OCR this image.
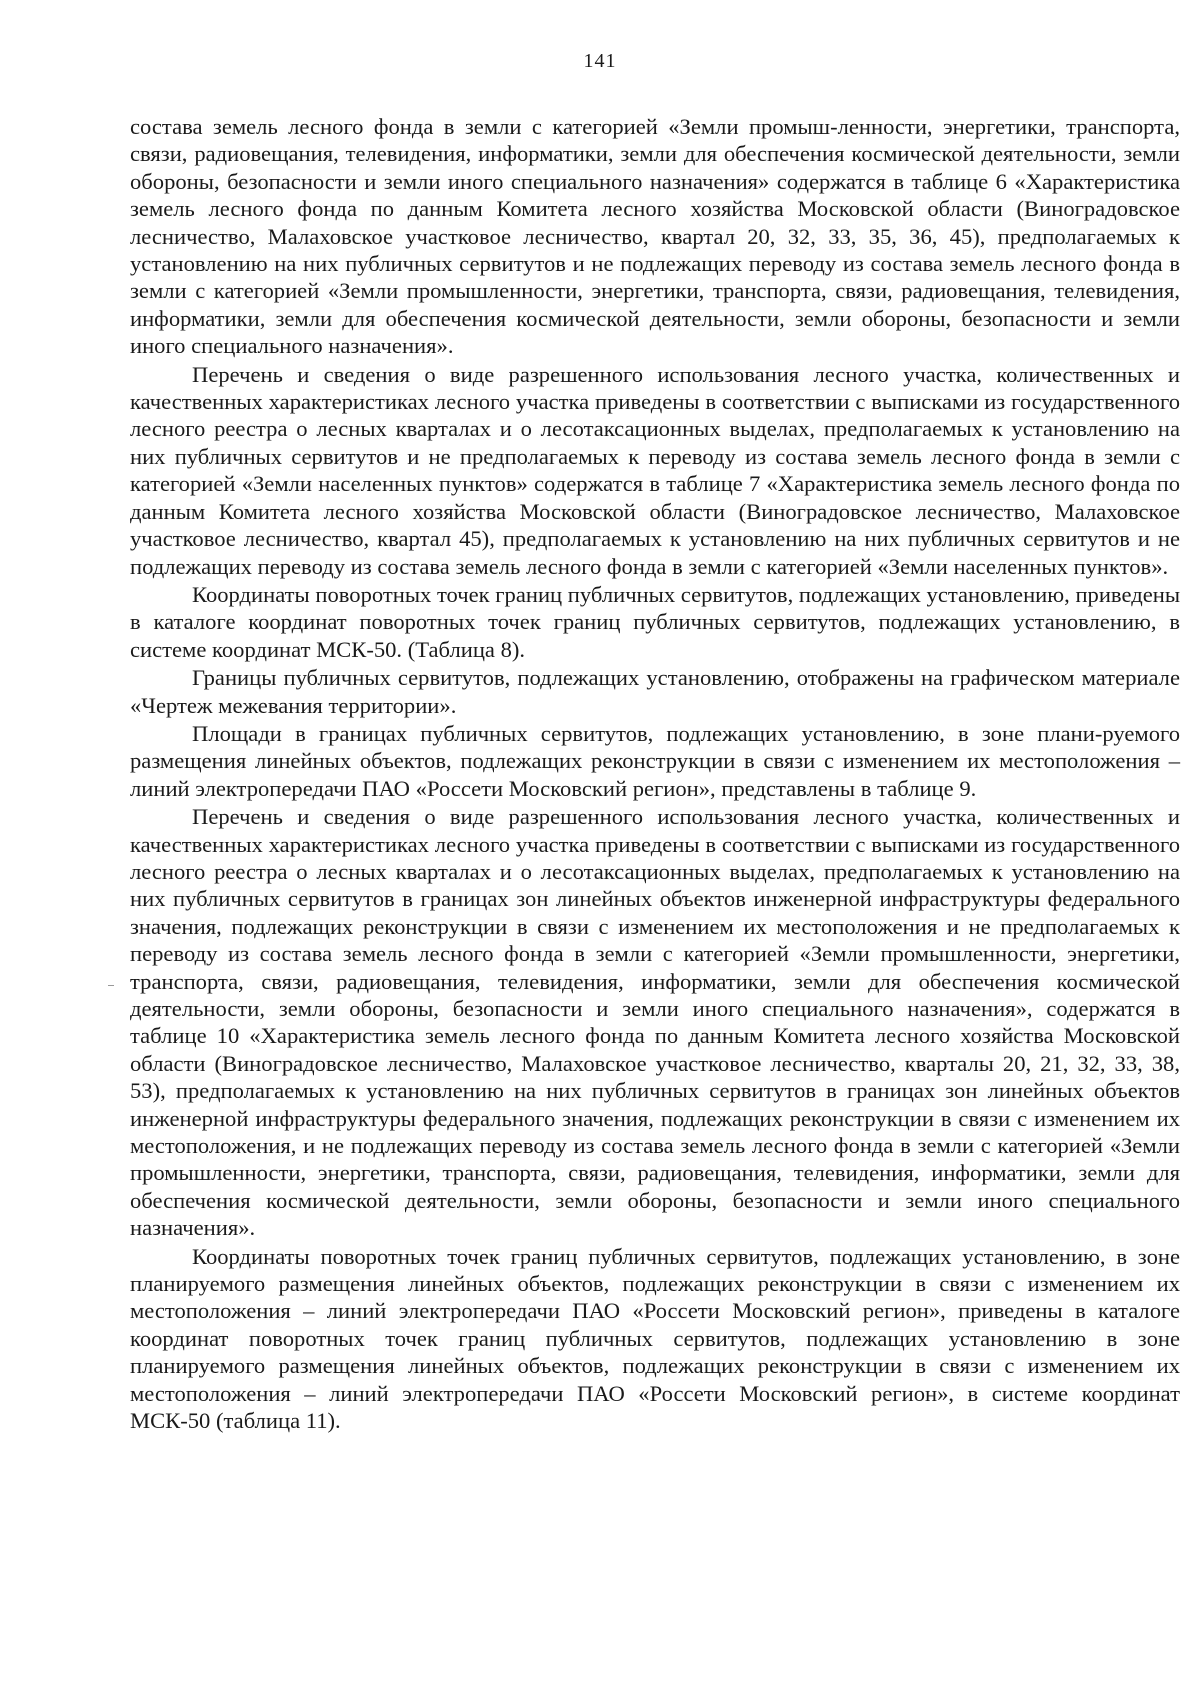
141

состава земель лесного фонда в земли с категорией «Земли промыш-ленности, энергетики, транспорта, связи, радиовещания, телевидения, информатики, земли для обеспечения космической деятельности, земли обороны, безопасности и земли иного специального назначения» содержатся в таблице 6 «Характеристика земель лесного фонда по данным Комитета лесного хозяйства Московской области (Виноградовское лесничество, Малаховское участковое лесничество, квартал 20, 32, 33, 35, 36, 45), предполагаемых к установлению на них публичных сервитутов и не подлежащих переводу из состава земель лесного фонда в земли с категорией «Земли промышленности, энергетики, транспорта, связи, радиовещания, телевидения, информатики, земли для обеспечения космической деятельности, земли обороны, безопасности и земли иного специального назначения».

Перечень и сведения о виде разрешенного использования лесного участка, количественных и качественных характеристиках лесного участка приведены в соответствии с выписками из государственного лесного реестра о лесных кварталах и о лесотаксационных выделах, предполагаемых к установлению на них публичных сервитутов и не предполагаемых к переводу из состава земель лесного фонда в земли с категорией «Земли населенных пунктов» содержатся в таблице 7 «Характеристика земель лесного фонда по данным Комитета лесного хозяйства Московской области (Виноградовское лесничество, Малаховское участковое лесничество, квартал 45), предполагаемых к установлению на них публичных сервитутов и не подлежащих переводу из состава земель лесного фонда в земли с категорией «Земли населенных пунктов».

Координаты поворотных точек границ публичных сервитутов, подлежащих установлению, приведены в каталоге координат поворотных точек границ публичных сервитутов, подлежащих установлению, в системе координат МСК-50. (Таблица 8).

Границы публичных сервитутов, подлежащих установлению, отображены на графическом материале «Чертеж межевания территории».

Площади в границах публичных сервитутов, подлежащих установлению, в зоне плани-руемого размещения линейных объектов, подлежащих реконструкции в связи с изменением их местоположения – линий электропередачи ПАО «Россети Московский регион», представлены в таблице 9.

Перечень и сведения о виде разрешенного использования лесного участка, количественных и качественных характеристиках лесного участка приведены в соответствии с выписками из государственного лесного реестра о лесных кварталах и о лесотаксационных выделах, предполагаемых к установлению на них публичных сервитутов в границах зон линейных объектов инженерной инфраструктуры федерального значения, подлежащих реконструкции в связи с изменением их местоположения и не предполагаемых к переводу из состава земель лесного фонда в земли с категорией «Земли промышленности, энергетики, транспорта, связи, радиовещания, телевидения, информатики, земли для обеспечения космической деятельности, земли обороны, безопасности и земли иного специального назначения», содержатся в таблице 10 «Характеристика земель лесного фонда по данным Комитета лесного хозяйства Московской области (Виноградовское лесничество, Малаховское участковое лесничество, кварталы 20, 21, 32, 33, 38, 53), предполагаемых к установлению на них публичных сервитутов в границах зон линейных объектов инженерной инфраструктуры федерального значения, подлежащих реконструкции в связи с изменением их местоположения, и не подлежащих переводу из состава земель лесного фонда в земли с категорией «Земли промышленности, энергетики, транспорта, связи, радиовещания, телевидения, информатики, земли для обеспечения космической деятельности, земли обороны, безопасности и земли иного специального назначения».

Координаты поворотных точек границ публичных сервитутов, подлежащих установлению, в зоне планируемого размещения линейных объектов, подлежащих реконструкции в связи с изменением их местоположения – линий электропередачи ПАО «Россети Московский регион», приведены в каталоге координат поворотных точек границ публичных сервитутов, подлежащих установлению в зоне планируемого размещения линейных объектов, подлежащих реконструкции в связи с изменением их местоположения – линий электропередачи ПАО «Россети Московский регион», в системе координат МСК-50 (таблица 11).
